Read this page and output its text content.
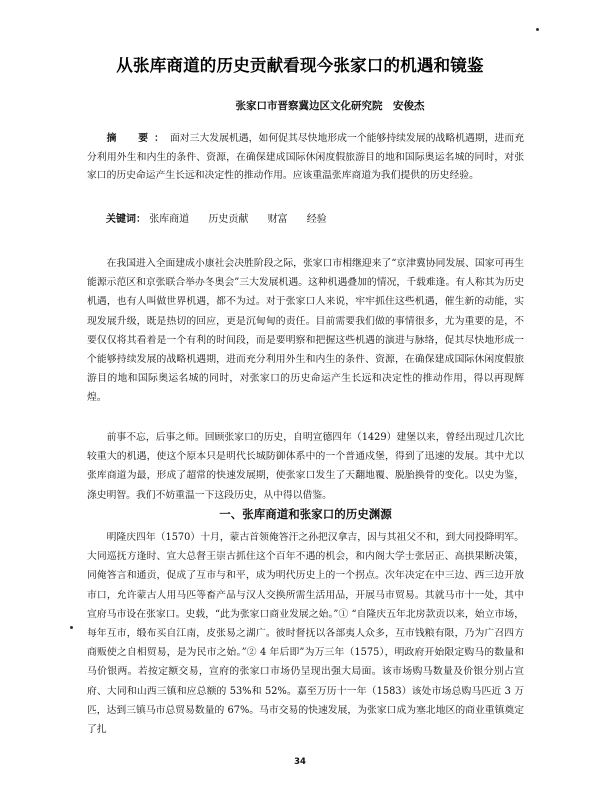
从张库商道的历史贡献看现今张家口的机遇和镜鉴
张家口市晋察冀边区文化研究院　安俊杰
摘　要：面对三大发展机遇，如何促其尽快地形成一个能够持续发展的战略机遇期，进而充分利用外生和内生的条件、资源，在确保建成国际休闲度假旅游目的地和国际奥运名城的同时，对张家口的历史命运产生长远和决定性的推动作用。应该重温张库商道为我们提供的历史经验。
关键词： 张库商道 历史贡献 财富 经验

在我国进入全面建成小康社会决胜阶段之际，张家口市相继迎来了“京津冀协同发展、国家可再生能源示范区和京张联合举办冬奥会”三大发展机遇。这种机遇叠加的情况，千载难逢。有人称其为历史机遇，也有人叫做世界机遇，都不为过。对于张家口人来说，牢牢抓住这些机遇，催生新的动能，实现发展升级，既是热切的回应，更是沉甸甸的责任。目前需要我们做的事情很多，尤为重要的是，不要仅仅将其看着是一个有利的时间段，而是要明察和把握这些机遇的演进与脉络，促其尽快地形成一个能够持续发展的战略机遇期，进而充分利用外生和内生的条件、资源，在确保建成国际休闲度假旅游目的地和国际奥运名城的同时，对张家口的历史命运产生长远和决定性的推动作用，得以再现辉煌。

前事不忘，后事之师。回顾张家口的历史，自明宣德四年（1429）建堡以来，曾经出现过几次比较重大的机遇，使这个原本只是明代长城防御体系中的一个普通戍堡，得到了迅速的发展。其中尤以张库商道为最，形成了超常的快速发展期，使张家口发生了天翻地覆、脱胎换骨的变化。以史为鉴，涤史明智。我们不妨重温一下这段历史，从中得以借鉴。

一、张库商道和张家口的历史渊源

明隆庆四年（1570）十月，蒙古首领俺答汗之孙把汉拿吉，因与其祖父不和，到大同投降明军。大同巡抚方逢时、宣大总督王崇古抓住这个百年不遇的机会，和内阁大学士张居正、高拱果断决策，同俺答言和通贡，促成了互市与和平，成为明代历史上的一个拐点。次年决定在中三边、西三边开放市口，允许蒙古人用马匹等畜产品与汉人交换所需生活用品，开展马市贸易。其就马市十一处，其中宣府马市设在张家口。史载，“此为张家口商业发展之始。”① “自隆庆五年北房款贡以来，始立市场，每年互市，缎布买自江南，皮张易之湖广。彼时督抚以各部夷人众多，互市钱粮有限，乃为广召四方商贩使之自相贸易，是为民市之始。”② 4 年后即”为万三年（1575），明政府开始限定购马的数量和马价银两。若按定额交易，宣府的张家口市场仍呈现出强大局面。该市场购马数量及价银分别占宣府、大同和山西三镇和应总额的 53%和 52%。嘉至万历十一年（1583）该处市场总购马匹近 3 万匹，达到三镇马市总贸易数量的 67%。马市交易的快速发展，为张家口成为塞北地区的商业重镇奠定了扎

34
